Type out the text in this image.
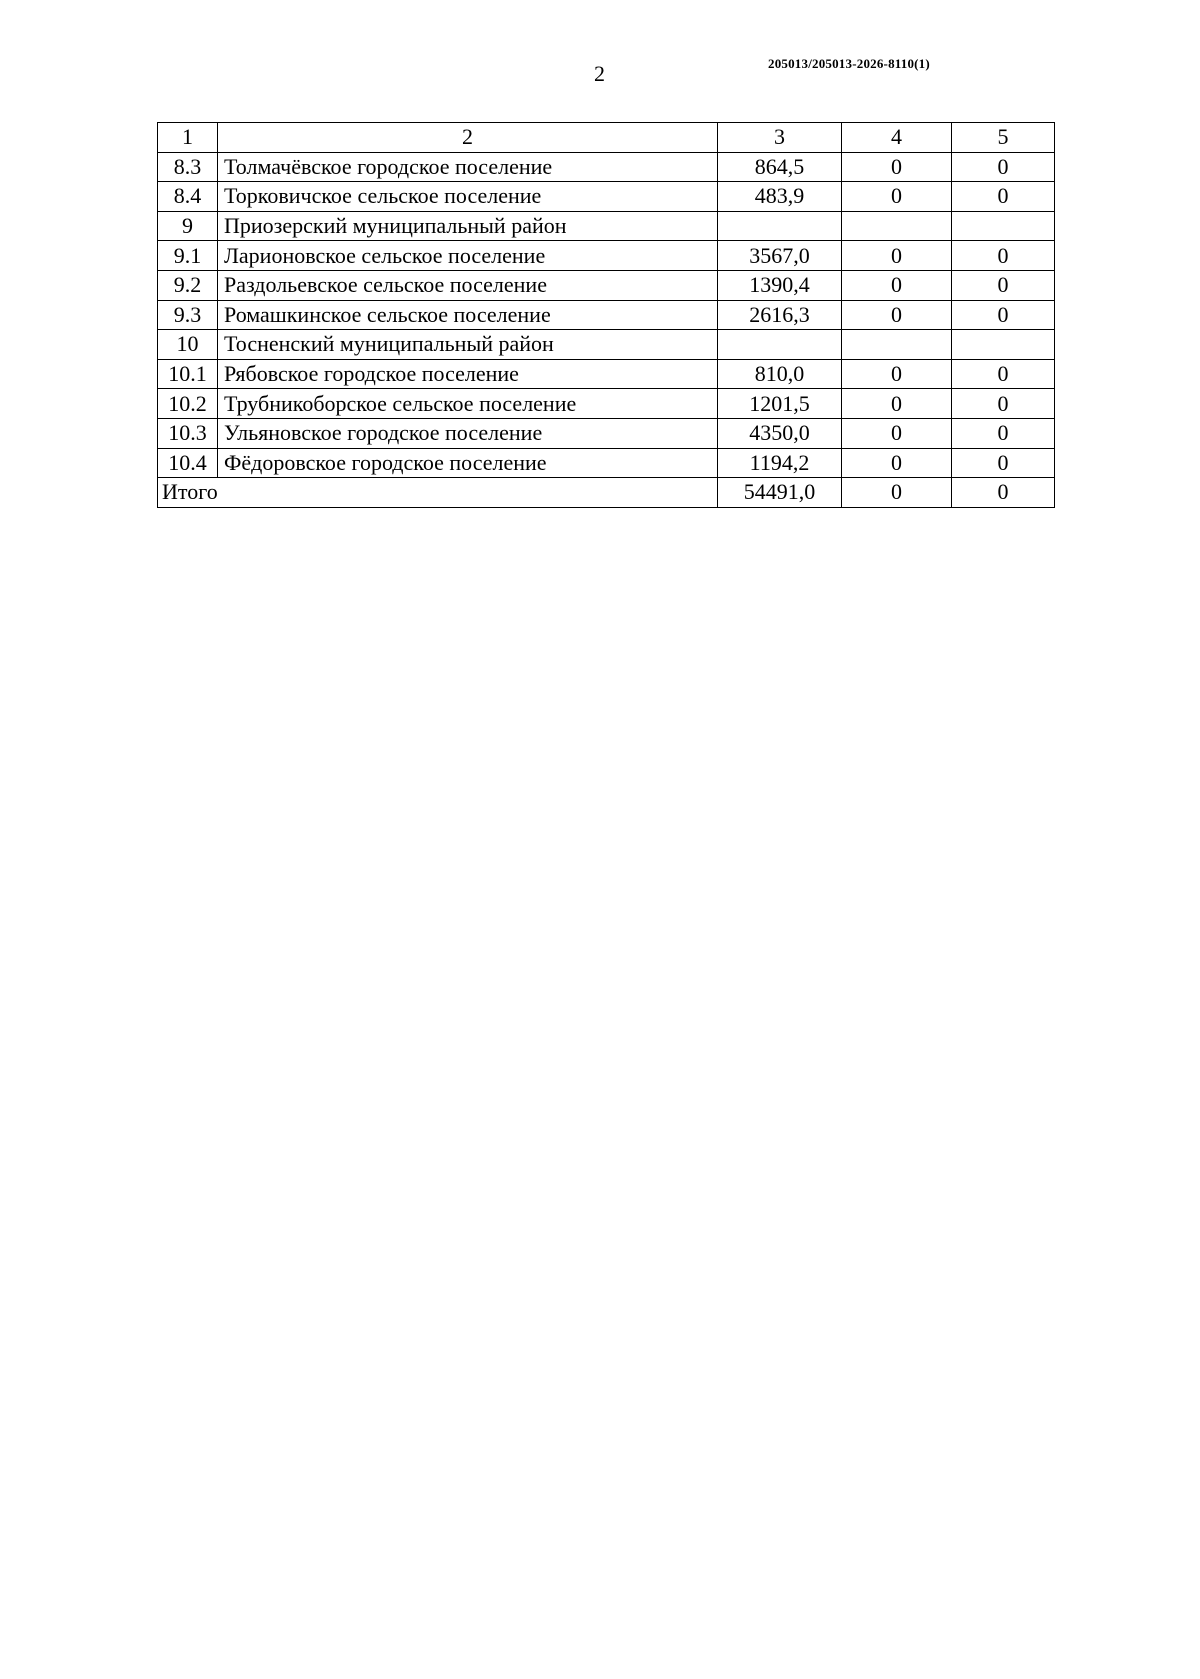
2	205013/205013-2026-8110(1)
1	2	3	4	5
8.3	Толмачёвское городское поселение	864,5	0	0
8.4	Торковичское сельское поселение	483,9	0	0
9	Приозерский муниципальный район			
9.1	Ларионовское сельское поселение	3567,0	0	0
9.2	Раздольевское сельское поселение	1390,4	0	0
9.3	Ромашкинское сельское поселение	2616,3	0	0
10	Тосненский муниципальный район			
10.1	Рябовское городское поселение	810,0	0	0
10.2	Трубникоборское сельское поселение	1201,5	0	0
10.3	Ульяновское городское поселение	4350,0	0	0
10.4	Фёдоровское городское поселение	1194,2	0	0
Итого		54491,0	0	0
